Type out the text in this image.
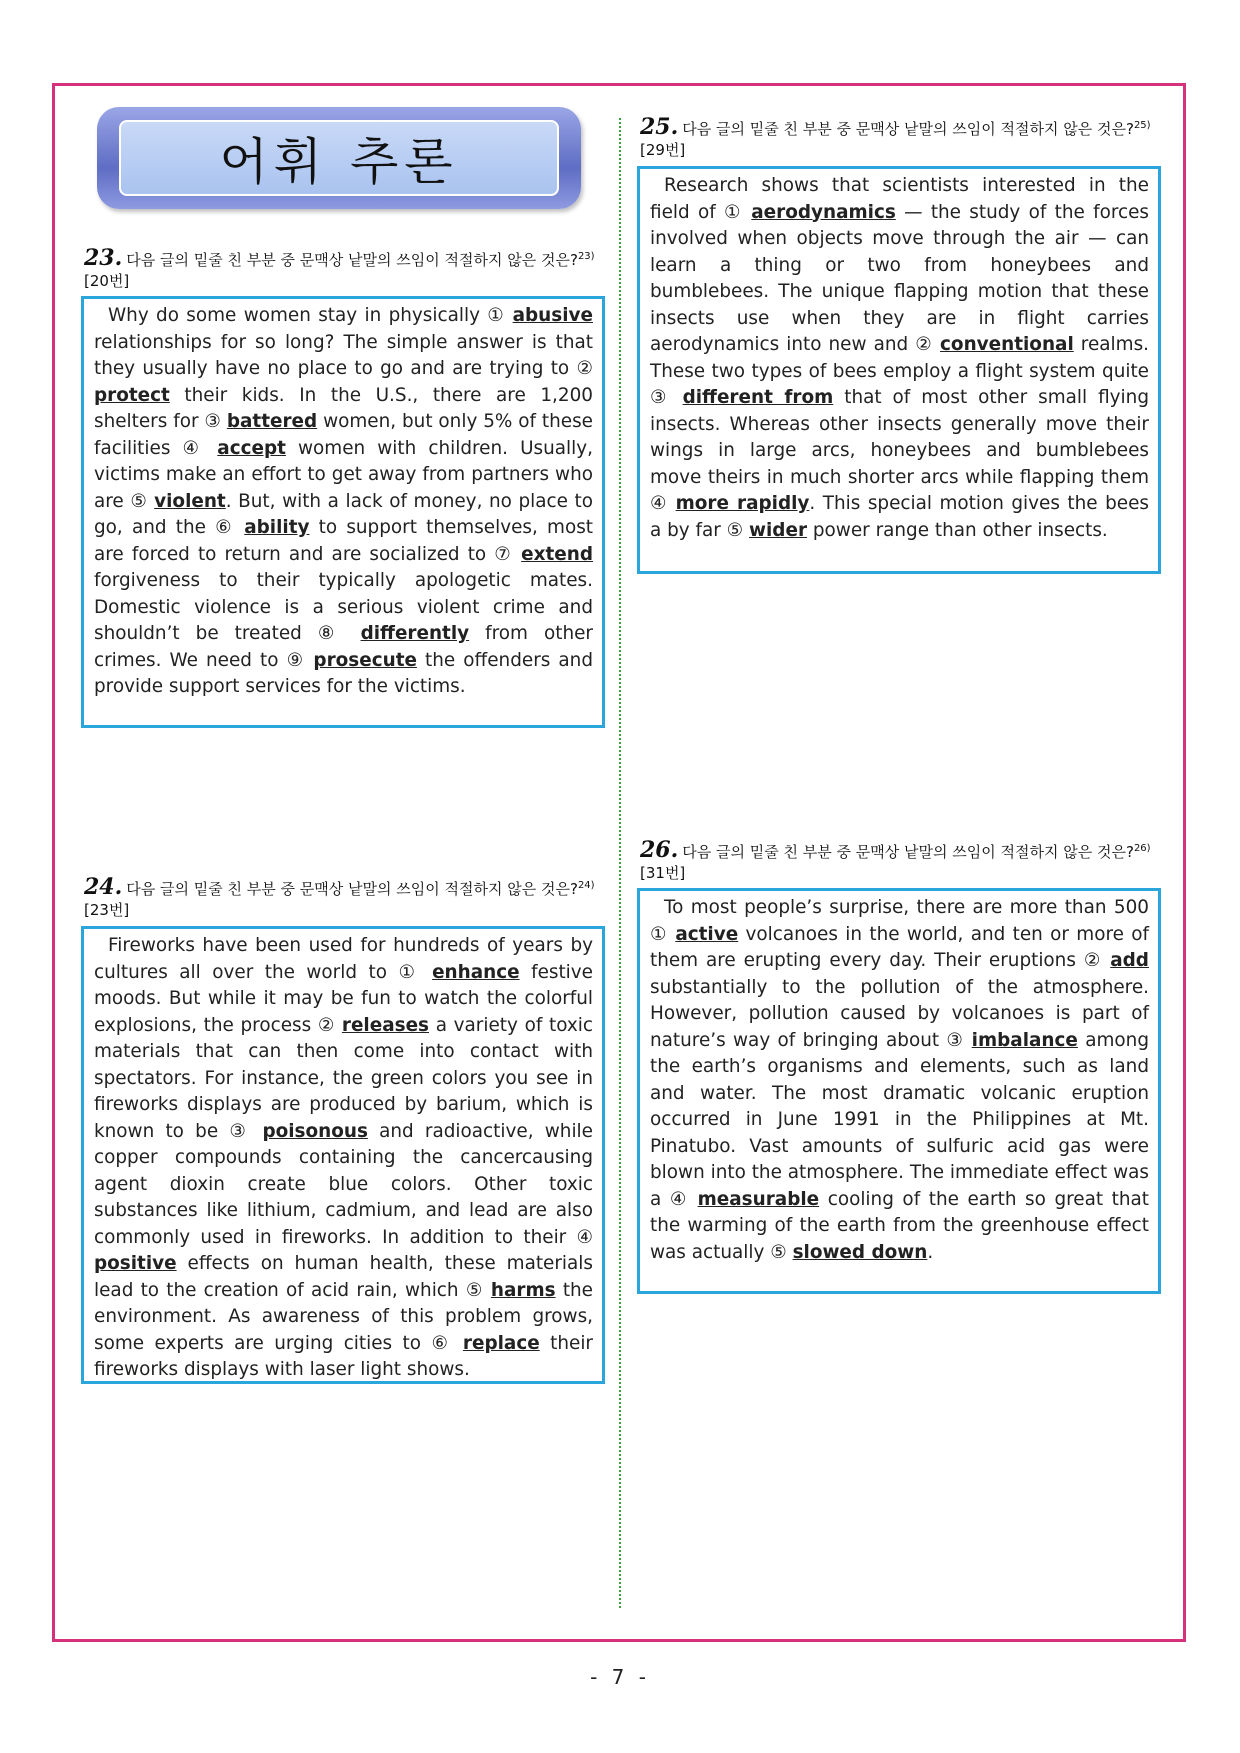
어휘 추론
23. 다음 글의 밑줄 친 부분 중 문맥상 낱말의 쓰임이 적절하지 않은 것은?$^{23)}$[20번]

Why do some women stay in physically ① abusive relationships for so long? The simple answer is that they usually have no place to go and are trying to ② protect their kids. In the U.S., there are 1,200 shelters for ③ battered women, but only 5% of these facilities ④ accept women with children. Usually, victims make an effort to get away from partners who are ⑤ violent. But, with a lack of money, no place to go, and the ⑥ ability to support themselves, most are forced to return and are socialized to ⑦ extend forgiveness to their typically apologetic mates. Domestic violence is a serious violent crime and shouldn’t be treated ⑧ differently from other crimes. We need to ⑨ prosecute the offenders and provide support services for the victims.

24. 다음 글의 밑줄 친 부분 중 문맥상 낱말의 쓰임이 적절하지 않은 것은?$^{24)}$[23번]

Fireworks have been used for hundreds of years by cultures all over the world to ① enhance festive moods. But while it may be fun to watch the colorful explosions, the process ② releases a variety of toxic materials that can then come into contact with spectators. For instance, the green colors you see in fireworks displays are produced by barium, which is known to be ③ poisonous and radioactive, while copper compounds containing the cancercausing agent dioxin create blue colors. Other toxic substances like lithium, cadmium, and lead are also commonly used in fireworks. In addition to their ④ positive effects on human health, these materials lead to the creation of acid rain, which ⑤ harms the environment. As awareness of this problem grows, some experts are urging cities to ⑥ replace their fireworks displays with laser light shows.

25. 다음 글의 밑줄 친 부분 중 문맥상 낱말의 쓰임이 적절하지 않은 것은?$^{25)}$[29번]

Research shows that scientists interested in the field of ① aerodynamics — the study of the forces involved when objects move through the air — can learn a thing or two from honeybees and bumblebees. The unique flapping motion that these insects use when they are in flight carries aerodynamics into new and ② conventional realms. These two types of bees employ a flight system quite ③ different from that of most other small flying insects. Whereas other insects generally move their wings in large arcs, honeybees and bumblebees move theirs in much shorter arcs while flapping them ④ more rapidly. This special motion gives the bees a by far ⑤ wider power range than other insects.

26. 다음 글의 밑줄 친 부분 중 문맥상 낱말의 쓰임이 적절하지 않은 것은?$^{26)}$[31번]

To most people’s surprise, there are more than 500 ① active volcanoes in the world, and ten or more of them are erupting every day. Their eruptions ② add substantially to the pollution of the atmosphere. However, pollution caused by volcanoes is part of nature’s way of bringing about ③ imbalance among the earth’s organisms and elements, such as land and water. The most dramatic volcanic eruption occurred in June 1991 in the Philippines at Mt. Pinatubo. Vast amounts of sulfuric acid gas were blown into the atmosphere. The immediate effect was a ④ measurable cooling of the earth so great that the warming of the earth from the greenhouse effect was actually ⑤ slowed down.

- 7 -
